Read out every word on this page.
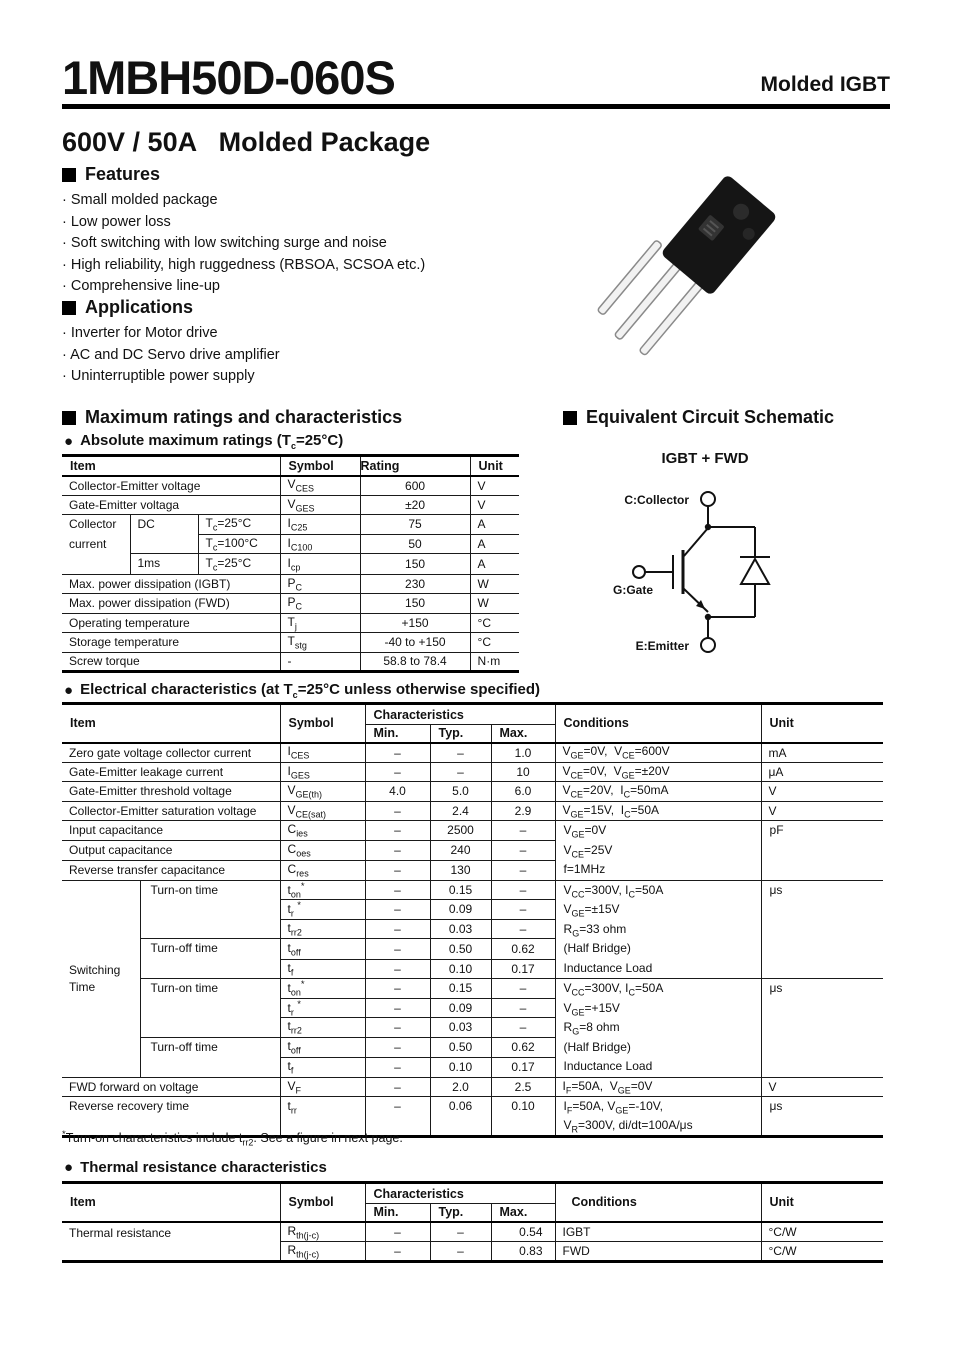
1MBH50D-060S	Molded IGBT
600V / 50A   Molded Package
Features
· Small molded package
· Low power loss
· Soft switching with low switching surge and noise
· High reliability, high ruggedness (RBSOA, SCSOA etc.)
· Comprehensive line-up
Applications
· Inverter for Motor drive
· AC and DC Servo drive amplifier
· Uninterruptible power supply
Maximum ratings and characteristics
● Absolute maximum ratings $(T_c=25^\circ C)$
Item			Symbol	Rating	Unit
Collector-Emitter voltage			$V_{CES}$	600	V
Gate-Emitter voltaga			$V_{GES}$	±20	V
Collector current	DC	$T_c=25^\circ C$	$I_{C25}$	75	A
		$T_c=100^\circ C$	$I_{C100}$	50	A
	1ms	$T_c=25^\circ C$	$I_{cp}$	150	A
Max. power dissipation (IGBT)			$P_C$	230	W
Max. power dissipation (FWD)			$P_C$	150	W
Operating temperature			$T_j$	+150	°C
Storage temperature			$T_{stg}$	-40 to +150	°C
Screw torque			-	58.8 to 78.4	N·m
Equivalent Circuit Schematic
IGBT + FWD
C:Collector
G:Gate
E:Emitter
● Electrical characteristics (at $T_c=25^\circ C$ unless otherwise specified)
Item		Symbol	Characteristics			Conditions	Unit
			Min.	Typ.	Max.		
Zero gate voltage collector current		$I_{CES}$	–	–	1.0	$V_{GE}=0V$,  $V_{CE}=600V$	mA
Gate-Emitter leakage current		$I_{GES}$	–	–	10	$V_{CE}=0V$,  $V_{GE}=\pm 20V$	μA
Gate-Emitter threshold voltage		$V_{GE(th)}$	4.0	5.0	6.0	$V_{CE}=20V$,  $I_C=50mA$	V
Collector-Emitter saturation voltage		$V_{CE(sat)}$	–	2.4	2.9	$V_{GE}=15V$,  $I_C=50A$	V
Input capacitance		$C_{ies}$	–	2500	–	$V_{GE}=0V$
$V_{CE}=25V$
f=1MHz	pF

Output capacitance		$C_{oes}$	–	240	–		
Reverse transfer capacitance		$C_{res}$	–	130	–		
Switching Time	Turn-on time	$t_{on}^*$	–	0.15	–	$V_{CC}=300V$, $I_C=50A$
$V_{GE}=\pm 15V$
$R_G=33$ ohm
(Half Bridge)
Inductance Load	μs

		$t_r$ *	–	0.09	–		
		$t_{rr2}$	–	0.03	–		
	Turn-off time	$t_{off}$	–	0.50	0.62		
		$t_f$	–	0.10	0.17		
	Turn-on time	$t_{on}^*$	–	0.15	–	$V_{CC}=300V$, $I_C=50A$
$V_{GE}=+15V$
$R_G=8$ ohm
(Half Bridge)
Inductance Load	μs

		$t_r$ *	–	0.09	–		
		$t_{rr2}$	–	0.03	–		
	Turn-off time	$t_{off}$	–	0.50	0.62		
		$t_f$	–	0.10	0.17		
FWD forward on voltage		$V_F$	–	2.0	2.5	$I_F=50A$,  $V_{GE}=0V$	V
Reverse recovery time		$t_{rr}$	–	0.06	0.10	$I_F=50A$, $V_{GE}=-10V$,
$V_R=300V$, di/dt=100A/μs	μs
*Turn-on characteristics include $t_{rr2}$. See a figure in next page.
● Thermal resistance characteristics
Item	Symbol	Characteristics			Conditions	Unit
		Min.	Typ.	Max.		
Thermal resistance	$R_{th(j-c)}$	–	–	0.54	IGBT	°C/W
	$R_{th(j-c)}$	–	–	0.83	FWD	°C/W
